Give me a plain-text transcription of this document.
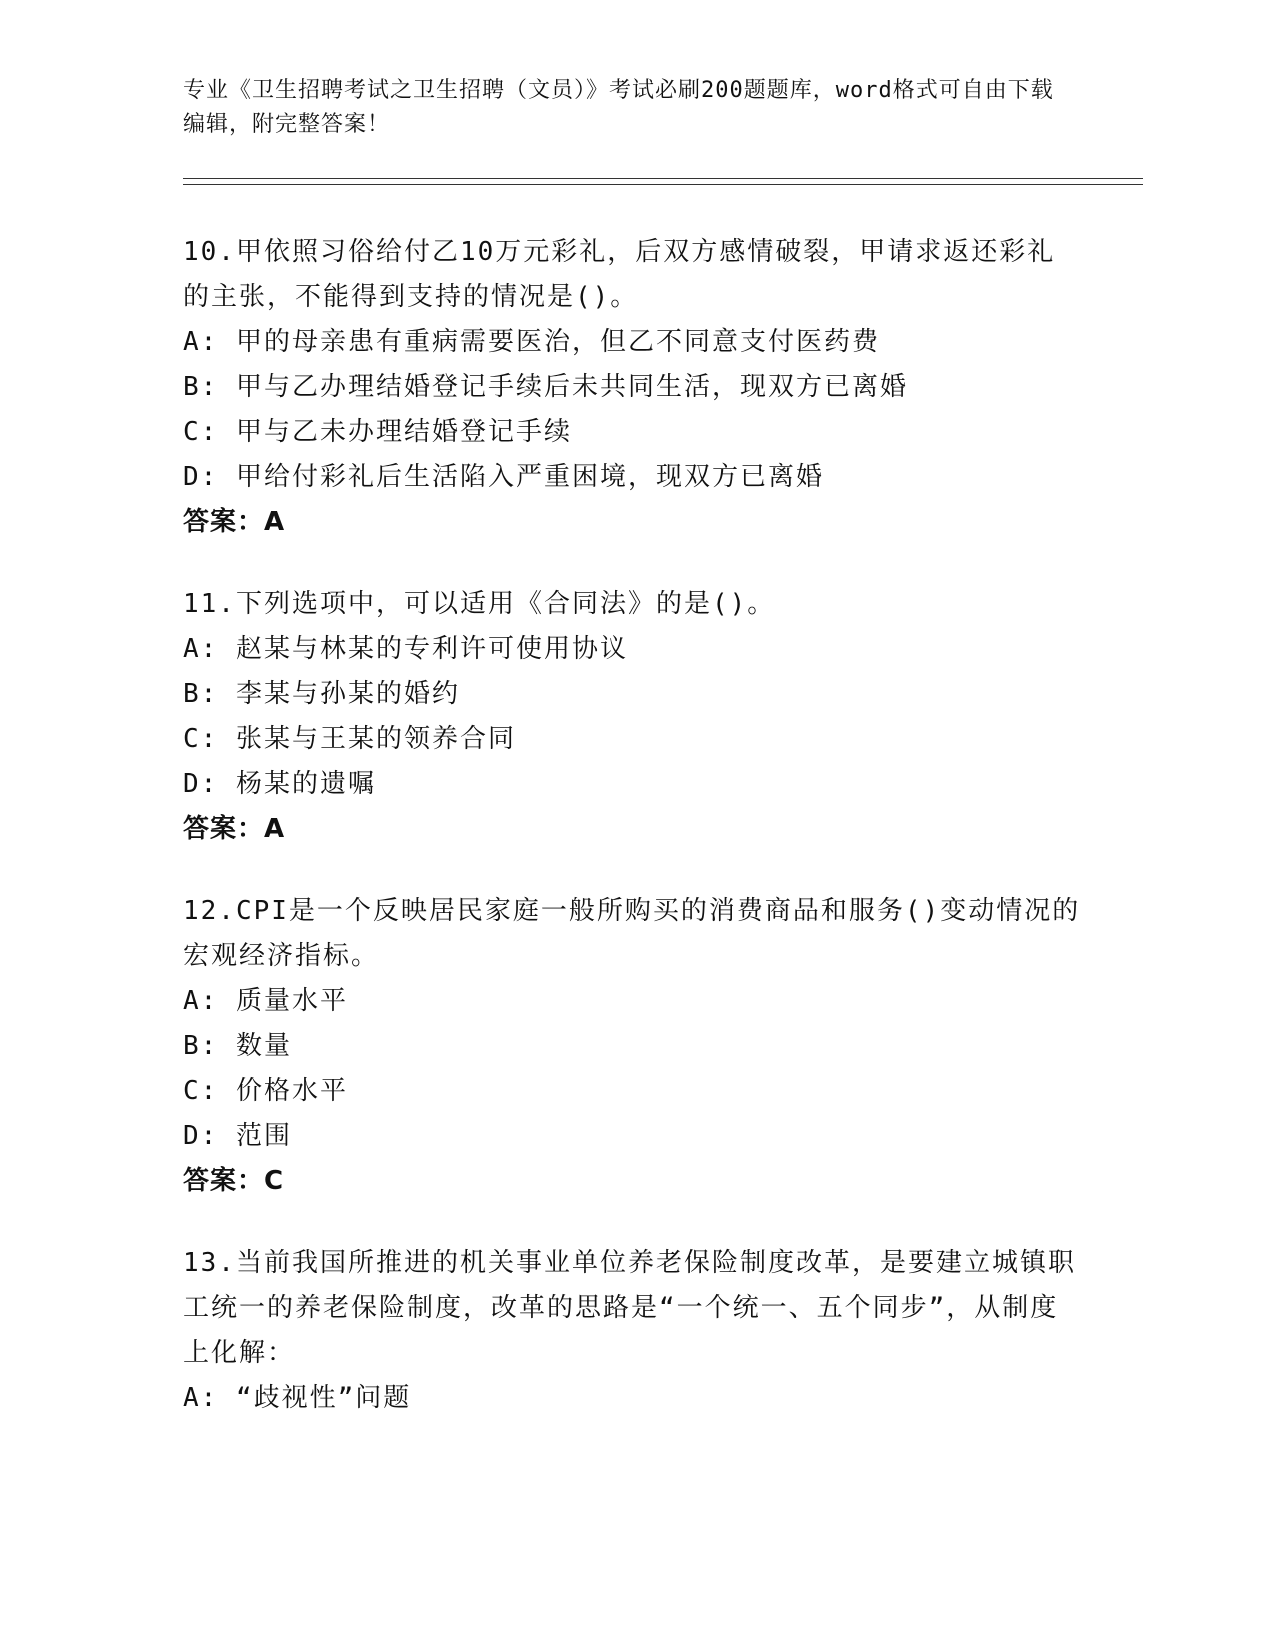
专业《卫生招聘考试之卫生招聘（文员）》考试必刷200题题库，word格式可自由下载编辑，附完整答案！

10.甲依照习俗给付乙10万元彩礼，后双方感情破裂，甲请求返还彩礼的主张，不能得到支持的情况是()。

A: 甲的母亲患有重病需要医治，但乙不同意支付医药费

B: 甲与乙办理结婚登记手续后未共同生活，现双方已离婚

C: 甲与乙未办理结婚登记手续

D: 甲给付彩礼后生活陷入严重困境，现双方已离婚

答案：A

11.下列选项中，可以适用《合同法》的是()。

A: 赵某与林某的专利许可使用协议

B: 李某与孙某的婚约

C: 张某与王某的领养合同

D: 杨某的遗嘱

答案：A

12.CPI是一个反映居民家庭一般所购买的消费商品和服务()变动情况的宏观经济指标。

A: 质量水平

B: 数量

C: 价格水平

D: 范围

答案：C

13.当前我国所推进的机关事业单位养老保险制度改革，是要建立城镇职工统一的养老保险制度，改革的思路是“一个统一、五个同步”，从制度上化解：

A: “歧视性”问题
